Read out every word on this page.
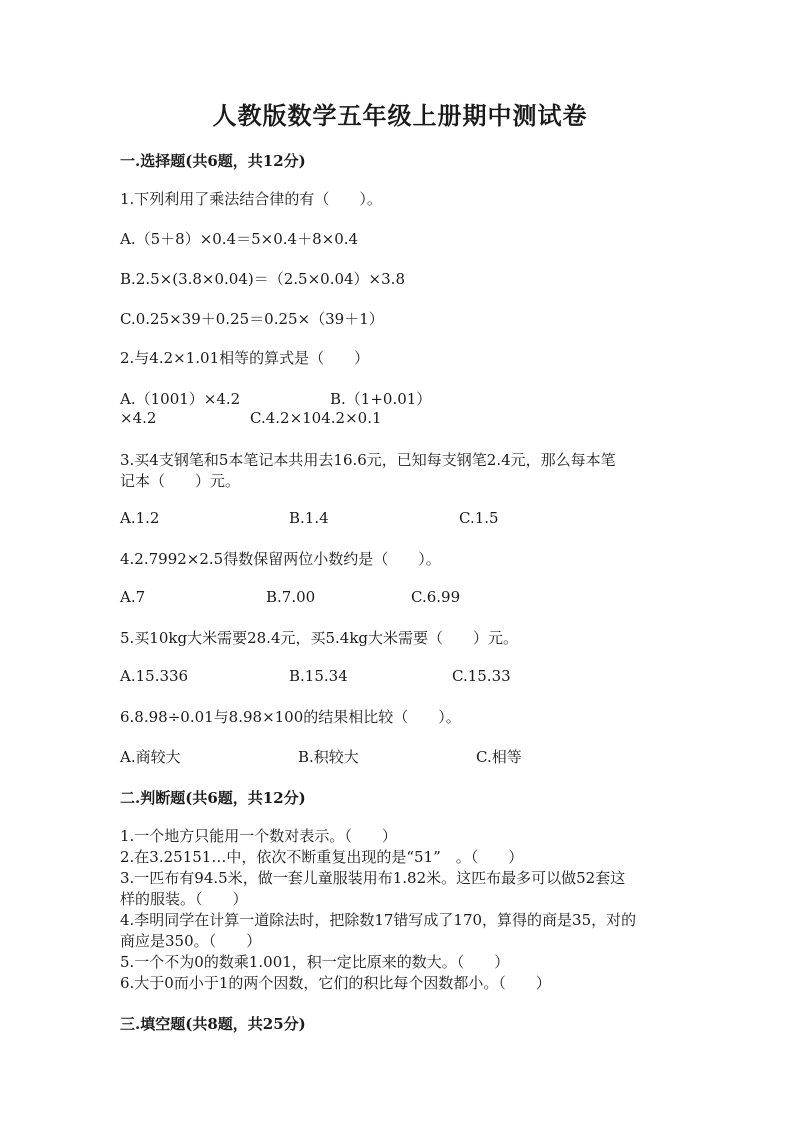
人教版数学五年级上册期中测试卷
一.选择题(共6题，共12分)
1.下列利用了乘法结合律的有（　　）。
A.（5＋8）×0.4＝5×0.4＋8×0.4
B.2.5×(3.8×0.04)＝（2.5×0.04）×3.8
C.0.25×39＋0.25＝0.25×（39＋1）
2.与4.2×1.01相等的算式是（　　）
A.（1001）×4.2	B.（1+0.01）
×4.2	C.4.2×104.2×0.1
3.买4支钢笔和5本笔记本共用去16.6元，已知每支钢笔2.4元，那么每本笔
记本（　　）元。
A.1.2	B.1.4	C.1.5
4.2.7992×2.5得数保留两位小数约是（　　）。
A.7	B.7.00	C.6.99
5.买10kg大米需要28.4元，买5.4kg大米需要（　　）元。
A.15.336	B.15.34	C.15.33
6.8.98÷0.01与8.98×100的结果相比较（　　）。
A.商较大	B.积较大	C.相等
二.判断题(共6题，共12分)
1.一个地方只能用一个数对表示。（　　）
2.在3.25151…中，依次不断重复出现的是“51”　。（　　）
3.一匹布有94.5米，做一套儿童服装用布1.82米。这匹布最多可以做52套这
样的服装。（　　）
4.李明同学在计算一道除法时，把除数17错写成了170，算得的商是35，对的
商应是350。（　　）
5.一个不为0的数乘1.001，积一定比原来的数大。（　　）
6.大于0而小于1的两个因数，它们的积比每个因数都小。（　　）
三.填空题(共8题，共25分)
